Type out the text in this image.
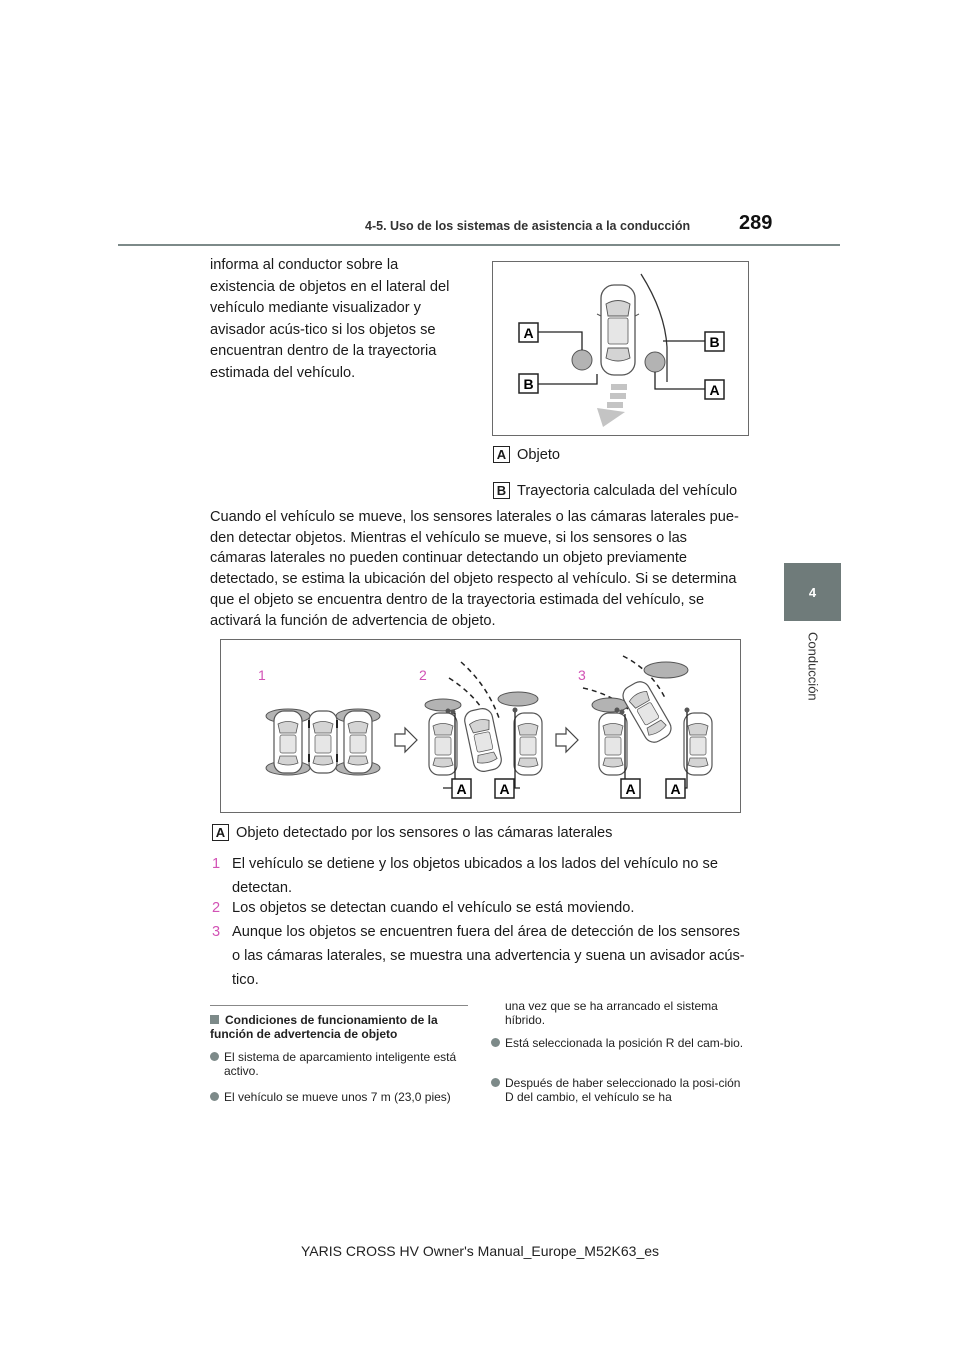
4-5. Uso de los sistemas de asistencia a la conducción 289
4
Conducción
informa al conductor sobre la existencia de objetos en el lateral del vehículo mediante visualizador y avisador acús-tico si los objetos se encuentran dentro de la trayectoria estimada del vehículo.
A
B
B
A
A Objeto
B Trayectoria calculada del vehículo
Cuando el vehículo se mueve, los sensores laterales o las cámaras laterales pue-den detectar objetos. Mientras el vehículo se mueve, si los sensores o las cámaras laterales no pueden continuar detectando un objeto previamente detectado, se estima la ubicación del objeto respecto al vehículo. Si se determina que el objeto se encuentra dentro de la trayectoria estimada del vehículo, se activará la función de advertencia de objeto.
1	2	3
A A	A A
A Objeto detectado por los sensores o las cámaras laterales
1 El vehículo se detiene y los objetos ubicados a los lados del vehículo no se detectan.
2 Los objetos se detectan cuando el vehículo se está moviendo.
3 Aunque los objetos se encuentren fuera del área de detección de los sensores o las cámaras laterales, se muestra una advertencia y suena un avisador acús-tico.
Condiciones de funcionamiento de la función de advertencia de objeto
El sistema de aparcamiento inteligente está activo.
El vehículo se mueve unos 7 m (23,0 pies)
una vez que se ha arrancado el sistema híbrido.
Está seleccionada la posición R del cam-bio.
Después de haber seleccionado la posi-ción D del cambio, el vehículo se ha
YARIS CROSS HV Owner's Manual_Europe_M52K63_es
